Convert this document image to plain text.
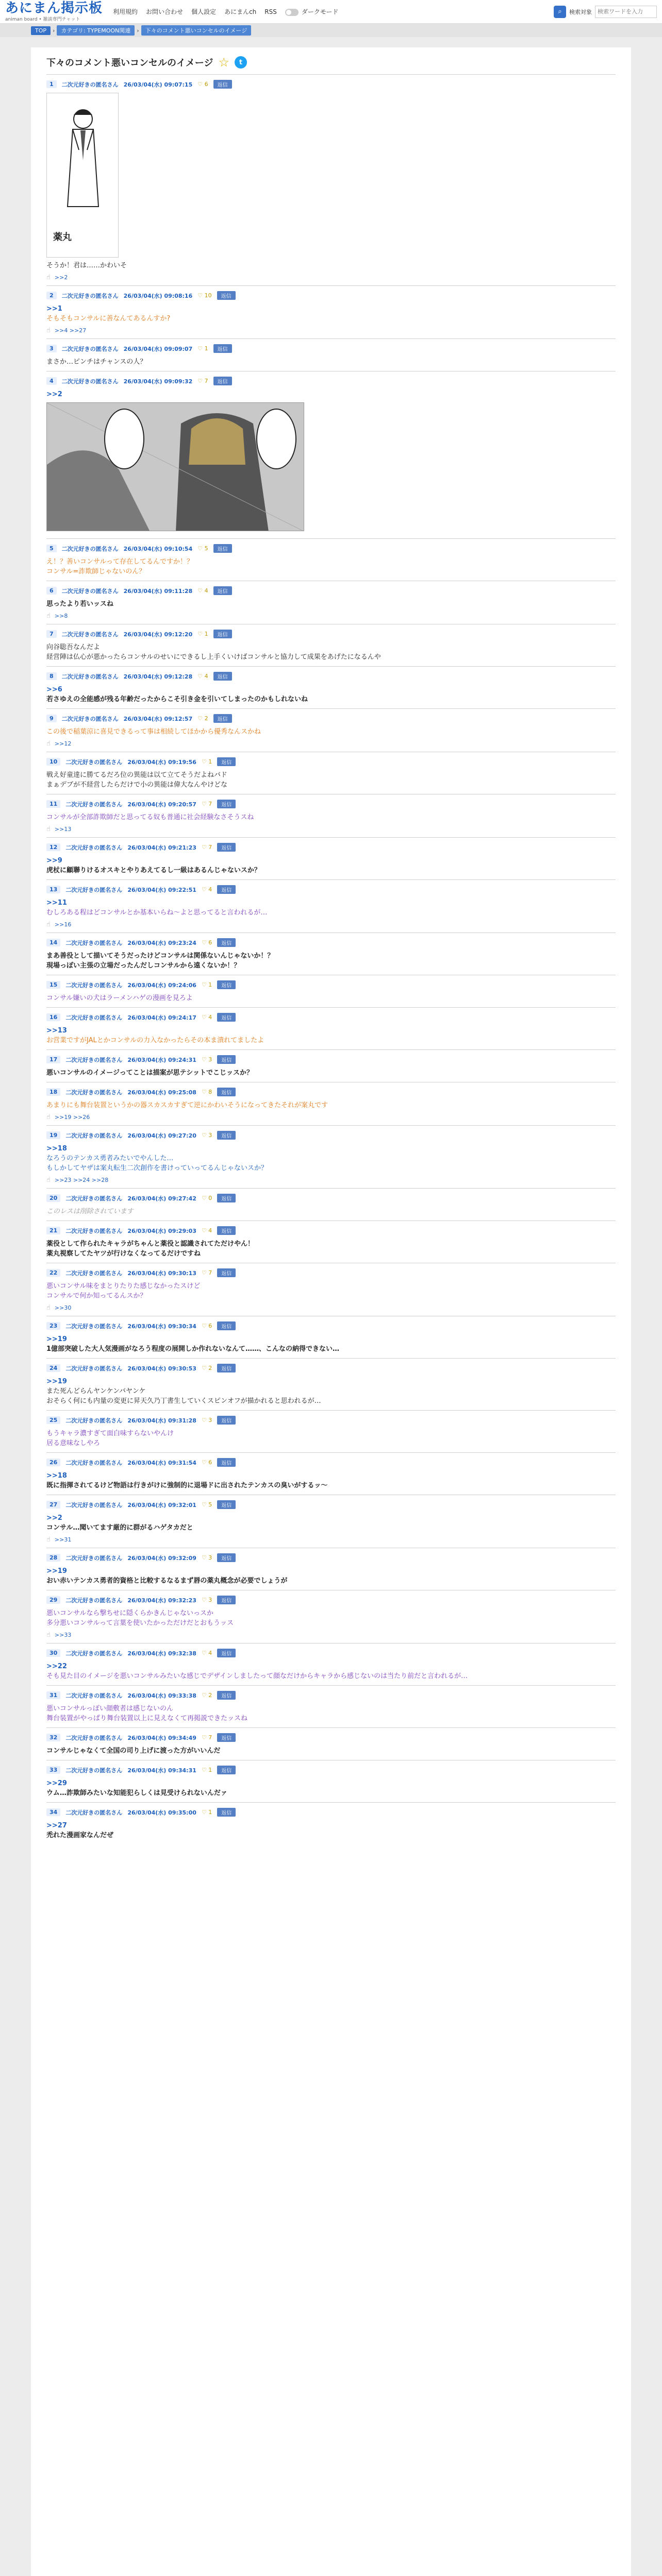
あにまん掲示板
animan board • 雑談専門チャット
利用規約 お問い合わせ 個人設定 あにまんch RSS	ダークモード	⌕	検索対象
検索ワードを入力
TOP	›	カテゴリ: TYPEMOON関連	›	下々のコメント悪いコンセルのイメージ
下々のコメント悪いコンセルのイメージ ☆	t
1	二次元好きの匿名さん 26/03/04(水) 09:07:15 ♡ 6	返信
薬丸
そうか！君は……かわいそ
☝ >>2
2	二次元好きの匿名さん 26/03/04(水) 09:08:16 ♡ 10	返信
>>1
そもそもコンサルに善なんてあるんすか?
☝ >>4 >>27
3	二次元好きの匿名さん 26/03/04(水) 09:09:07 ♡ 1	返信
まさか…ピンチはチャンスの人？
4	二次元好きの匿名さん 26/03/04(水) 09:09:32 ♡ 7	返信
>>2
5	二次元好きの匿名さん 26/03/04(水) 09:10:54 ♡ 5	返信
え！？善いコンサルって存在してるんですか！？
コンサル=詐欺師じゃないのん？
6	二次元好きの匿名さん 26/03/04(水) 09:11:28 ♡ 4	返信
思ったより若いッスね
☝ >>8
7	二次元好きの匿名さん 26/03/04(水) 09:12:20 ♡ 1	返信
向谷聡吾なんだよ
経営陣は仏心が悪かったらコンサルのせいにできるし上手くいけばコンサルと協力して成果をあげたになるんや
8	二次元好きの匿名さん 26/03/04(水) 09:12:28 ♡ 4	返信
>>6
若さゆえの全能感が残る年齢だったからこそ引き金を引いてしまったのかもしれないね
9	二次元好きの匿名さん 26/03/04(水) 09:12:57 ♡ 2	返信
この後で稲葉涼に喜見できるって事は相続してほかから優秀なんスかね
☝ >>12
10	二次元好きの匿名さん 26/03/04(水) 09:19:56 ♡ 1	返信
戦え好童達に勝てるだろ位の異能は以て立てそうだよねバド
まぁデブが不経営したらだけで小の異能は偉大なんやけどな
11	二次元好きの匿名さん 26/03/04(水) 09:20:57 ♡ 7	返信
コンサルが全部詐欺師だと思ってる奴も普通に社会経験なさそうスね
☝ >>13
12	二次元好きの匿名さん 26/03/04(水) 09:21:23 ♡ 7	返信
>>9
虎杖に顧聯りけるオスキとやりあえてるし一級はあるんじゃないスか？
13	二次元好きの匿名さん 26/03/04(水) 09:22:51 ♡ 4	返信
>>11
むしろある程はどコンサルとか基本いらね～よと思ってると言われるが…
☝ >>16
14	二次元好きの匿名さん 26/03/04(水) 09:23:24 ♡ 6	返信
まあ善役として描いてそうだったけどコンサルは関係ないんじゃないか！？
現場っぽい主張の立場だったんだしコンサルから遠くないか！？
15	二次元好きの匿名さん 26/03/04(水) 09:24:06 ♡ 1	返信
コンサル嫌いの犬はラーメンハゲの漫画を見ろよ
16	二次元好きの匿名さん 26/03/04(水) 09:24:17 ♡ 4	返信
>>13
お営業ですがJALとかコンサルの力入なかったらその本ま潰れてましたよ
17	二次元好きの匿名さん 26/03/04(水) 09:24:31 ♡ 3	返信
悪いコンサルのイメージってことは描案が思テシットでこじッスか？
18	二次元好きの匿名さん 26/03/04(水) 09:25:08 ♡ 8	返信
あまりにも舞台装置というかの器スカスカすぎて逆にかわいそうになってきたそれが案丸です
☝ >>19 >>26
19	二次元好きの匿名さん 26/03/04(水) 09:27:20 ♡ 3	返信
>>18
なろうのテンカス勇者みたいでやんした…
もしかしてヤザは案丸転生二次創作を書けっていってるんじゃないスか？
☝ >>23 >>24 >>28
20	二次元好きの匿名さん 26/03/04(水) 09:27:42 ♡ 0	返信
このレスは削除されています
21	二次元好きの匿名さん 26/03/04(水) 09:29:03 ♡ 4	返信
薬役として作られたキャラがちゃんと薬役と認識されてただけやん！
薬丸視察してたヤツが行けなくなってるだけですね
22	二次元好きの匿名さん 26/03/04(水) 09:30:13 ♡ 7	返信
悪いコンサル味をまとりたりた感じなかったスけど
コンサルで何か知ってるんスか？
☝ >>30
23	二次元好きの匿名さん 26/03/04(水) 09:30:34 ♡ 6	返信
>>19
1億部突破した大人気漫画がなろう程度の展開しか作れないなんて……、こんなの納得できない…
24	二次元好きの匿名さん 26/03/04(水) 09:30:53 ♡ 2	返信
>>19
また死んどらんヤンケンバヤンケ
おそらく何にも内量の変更に昇天久乃丁書生していくスピンオフが描かれると思われるが…
25	二次元好きの匿名さん 26/03/04(水) 09:31:28 ♡ 3	返信
もうキャラ濃すぎて面白味すらないやんけ
居る意味なしやろ
26	二次元好きの匿名さん 26/03/04(水) 09:31:54 ♡ 6	返信
>>18
既に指揮されてるけど物語は行きがけに強制的に退場ドに出されたテンカスの臭いがするッ～
27	二次元好きの匿名さん 26/03/04(水) 09:32:01 ♡ 5	返信
>>2
コンサル…聞いてます厳的に群がるハゲタカだと
☝ >>31
28	二次元好きの匿名さん 26/03/04(水) 09:32:09 ♡ 3	返信
>>19
おい赤いテンカス勇者的資格と比較するなるまず唇の薬丸概念が必要でしょうが
29	二次元好きの匿名さん 26/03/04(水) 09:32:23 ♡ 3	返信
悪いコンサルなら撃ちせに隠くらかきんじゃないっスか
多分悪いコンサルって言葉を使いたかっただけだとおもうッス
☝ >>33
30	二次元好きの匿名さん 26/03/04(水) 09:32:38 ♡ 4	返信
>>22
そも見た目のイメージを悪いコンサルみたいな感じでデザインしましたって顔なだけからキャラから感じないのは当たり前だと言われるが…
31	二次元好きの匿名さん 26/03/04(水) 09:33:38 ♡ 2	返信
悪いコンサルっぽい顔敷者は感じないのん
舞台装置がやっぱり舞台装置以上に見えなくて再掲説できたッスね
32	二次元好きの匿名さん 26/03/04(水) 09:34:49 ♡ 7	返信
コンサルじゃなくて全国の司り上げに渡った方がいいんだ
33	二次元好きの匿名さん 26/03/04(水) 09:34:31 ♡ 1	返信
>>29
ウム…詐欺師みたいな知能犯らしくは見受けられないんだァ
34	二次元好きの匿名さん 26/03/04(水) 09:35:00 ♡ 1	返信
>>27
禿れた漫画家なんだぜ
